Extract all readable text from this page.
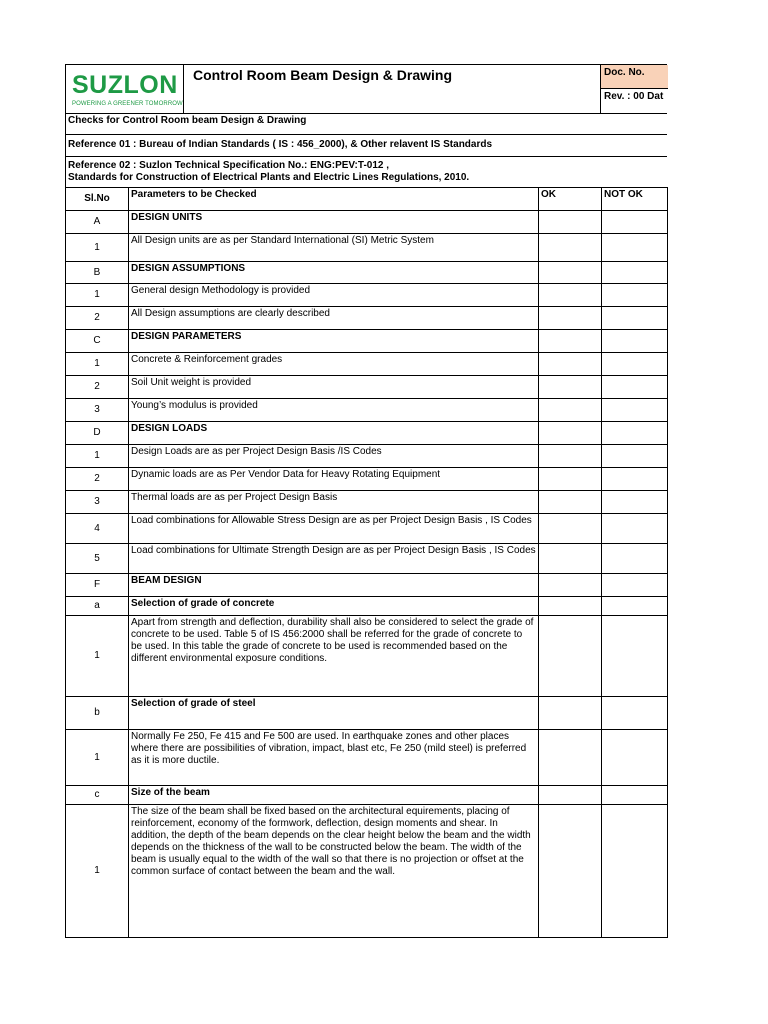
SUZLON
POWERING A GREENER TOMORROW
Control Room Beam Design & Drawing	Doc. No.
Rev. : 00 Dat
Checks for Control Room beam Design & Drawing
Reference 01 : Bureau of Indian Standards ( IS : 456_2000), & Other relavent IS Standards
Reference 02 : Suzlon Technical Specification No.: ENG:PEV:T-012 ,
Standards for Construction of Electrical Plants and Electric Lines Regulations, 2010.
Sl.No	Parameters to be Checked	OK	NOT OK
A	DESIGN UNITS		
1	All Design units are as per Standard International (SI) Metric System		
B	DESIGN ASSUMPTIONS		
1	General design Methodology is provided		
2	All Design assumptions are clearly described		
C	DESIGN PARAMETERS		
1	Concrete & Reinforcement grades		
2	Soil Unit weight is provided		
3	Young’s modulus is provided		
D	DESIGN LOADS		
1	Design Loads are as per Project Design Basis /IS Codes		
2	Dynamic loads are as Per Vendor Data for Heavy Rotating Equipment		
3	Thermal loads are as per Project Design Basis		
4	Load combinations for Allowable Stress Design are as per Project Design Basis , IS Codes		
5	Load combinations for Ultimate Strength Design are as per Project Design Basis , IS Codes		
F	BEAM DESIGN		
a	Selection of grade of concrete		
1	Apart from strength and deflection, durability shall also be considered to select the grade of concrete to be used. Table 5 of IS 456:2000 shall be referred for the grade of concrete to be used. In this table the grade of concrete to be used is recommended based on the different environmental exposure conditions.		
b	Selection of grade of steel		
1	Normally Fe 250, Fe 415 and Fe 500 are used. In earthquake zones and other places where there are possibilities of vibration, impact, blast etc, Fe 250 (mild steel) is preferred as it is more ductile.		
c	Size of the beam		
1	The size of the beam shall be fixed based on the architectural equirements, placing of reinforcement, economy of the formwork, deflection, design moments and shear. In addition, the depth of the beam depends on the clear height below the beam and the width depends on the thickness of the wall to be constructed below the beam. The width of the beam is usually equal to the width of the wall so that there is no projection or offset at the common surface of contact between the beam and the wall.		
